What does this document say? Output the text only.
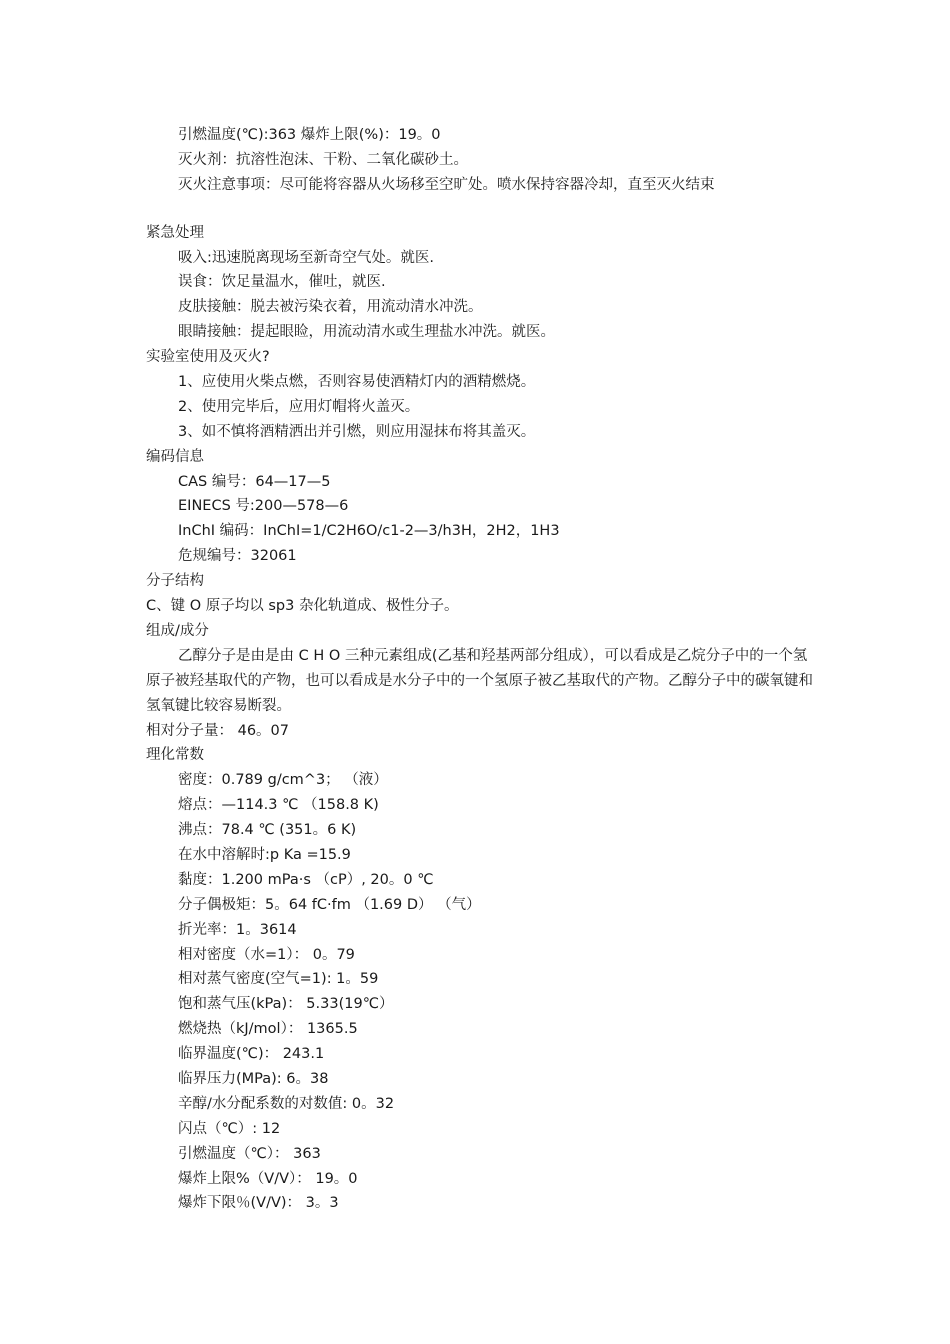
引燃温度(℃):363 爆炸上限(%)：19。0
灭火剂：抗溶性泡沫、干粉、二氧化碳砂土。
灭火注意事项：尽可能将容器从火场移至空旷处。喷水保持容器冷却，直至灭火结束
紧急处理
吸入:迅速脱离现场至新奇空气处。就医.
误食：饮足量温水，催吐，就医.
皮肤接触：脱去被污染衣着，用流动清水冲洗。
眼睛接触：提起眼睑，用流动清水或生理盐水冲洗。就医。
实验室使用及灭火?
1、应使用火柴点燃，否则容易使酒精灯内的酒精燃烧。
2、使用完毕后，应用灯帽将火盖灭。
3、如不慎将酒精洒出并引燃，则应用湿抹布将其盖灭。
编码信息
CAS 编号：64—17—5
EINECS 号:200—578—6
InChI 编码：InChI=1/C2H6O/c1-2—3/h3H，2H2，1H3
危规编号：32061
分子结构
C、键 O 原子均以 sp3 杂化轨道成、极性分子。
组成/成分

乙醇分子是由是由 C H O 三种元素组成(乙基和羟基两部分组成），可以看成是乙烷分子中的一个氢原子被羟基取代的产物，也可以看成是水分子中的一个氢原子被乙基取代的产物。乙醇分子中的碳氧键和氢氧键比较容易断裂。

相对分子量： 46。07
理化常数
密度：0.789 g/cm^3； （液）
熔点：—114.3 ℃ （158.8 K)
沸点：78.4 ℃ (351。6 K)
在水中溶解时:p Ka =15.9
黏度：1.200 mPa·s （cP）, 20。0 ℃
分子偶极矩：5。64 fC·fm （1.69 D） （气）
折光率：1。3614
相对密度（水=1）： 0。79
相对蒸气密度(空气=1): 1。59
饱和蒸气压(kPa)： 5.33(19℃）
燃烧热（kJ/mol）： 1365.5
临界温度(℃)： 243.1
临界压力(MPa): 6。38
辛醇/水分配系数的对数值: 0。32
闪点（℃）: 12
引燃温度（℃）： 363
爆炸上限%（V/V）： 19。0
爆炸下限％(V/V)： 3。3
